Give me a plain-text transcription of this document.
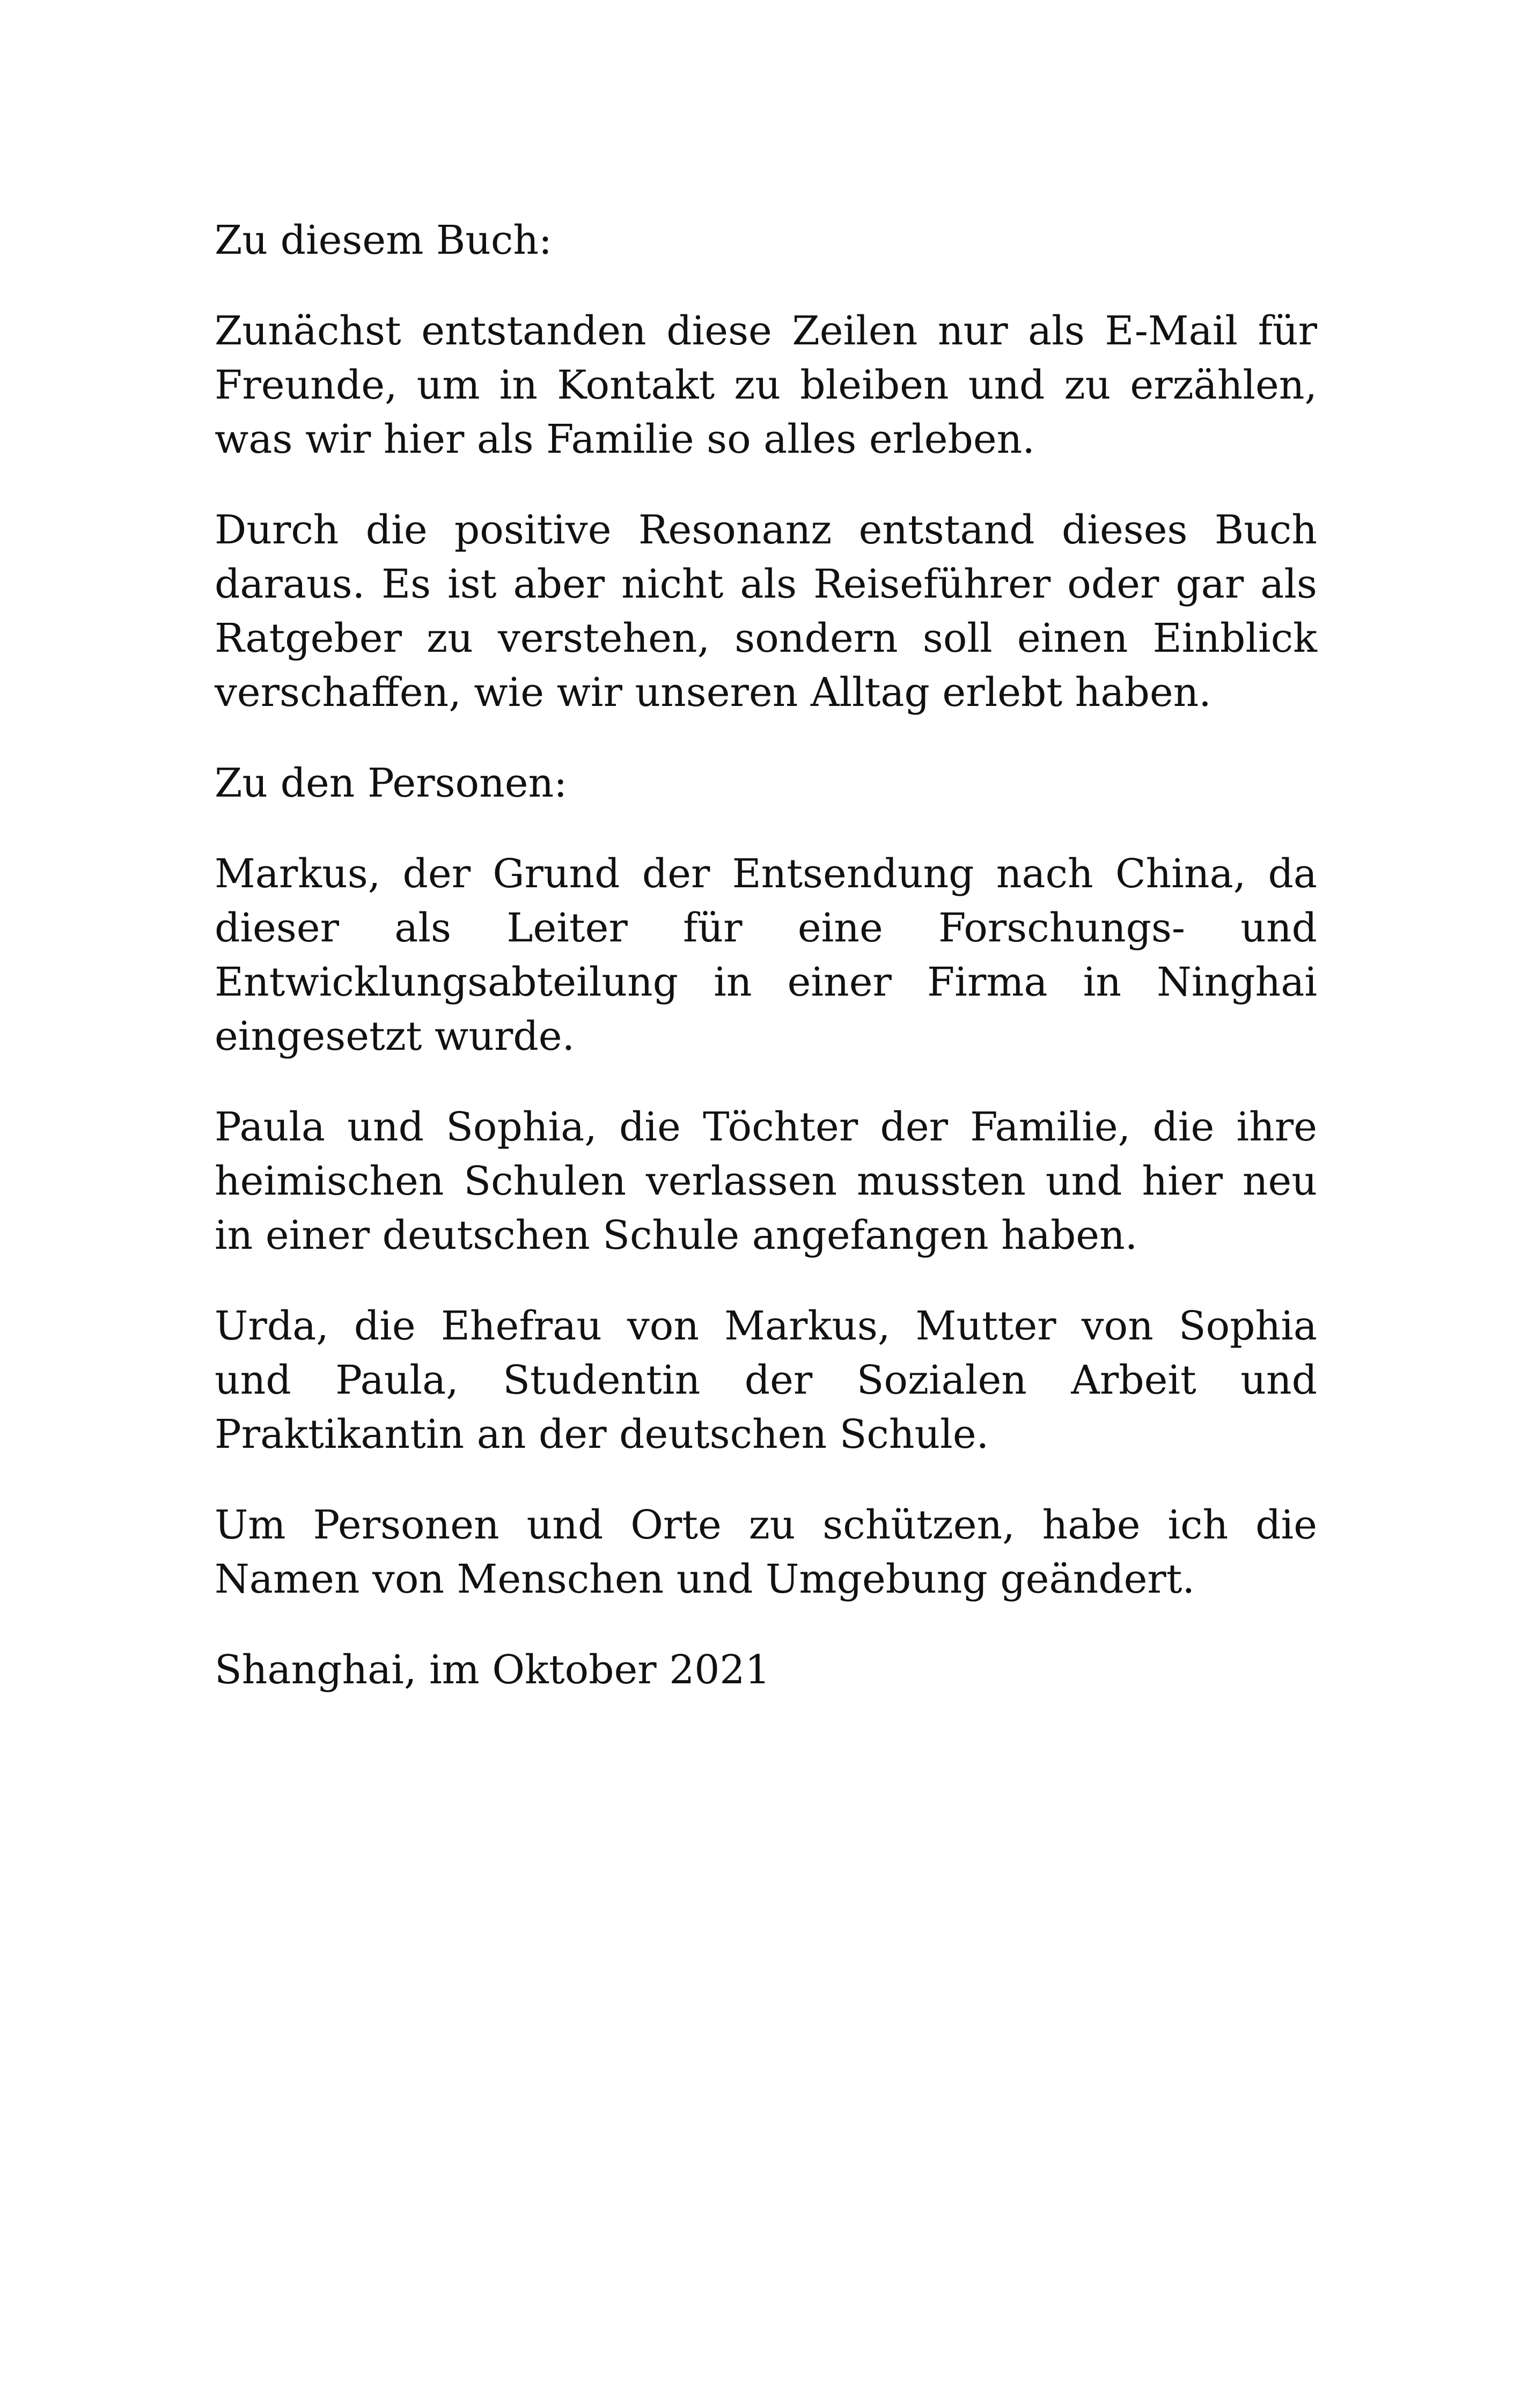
Zu diesem Buch:

Zunächst entstanden diese Zeilen nur als E-Mail für Freunde, um in Kontakt zu bleiben und zu erzählen, was wir hier als Familie so alles erleben.

Durch die positive Resonanz entstand dieses Buch daraus. Es ist aber nicht als Reiseführer oder gar als Ratgeber zu verstehen, sondern soll einen Einblick verschaffen, wie wir unseren Alltag erlebt haben.

Zu den Personen:

Markus, der Grund der Entsendung nach China, da dieser als Leiter für eine Forschungs- und Entwicklungsabteilung in einer Firma in Ninghai eingesetzt wurde.

Paula und Sophia, die Töchter der Familie, die ihre heimischen Schulen verlassen mussten und hier neu in einer deutschen Schule angefangen haben.

Urda, die Ehefrau von Markus, Mutter von Sophia und Paula, Studentin der Sozialen Arbeit und Praktikantin an der deutschen Schule.

Um Personen und Orte zu schützen, habe ich die Namen von Menschen und Umgebung geändert.

Shanghai, im Oktober 2021
